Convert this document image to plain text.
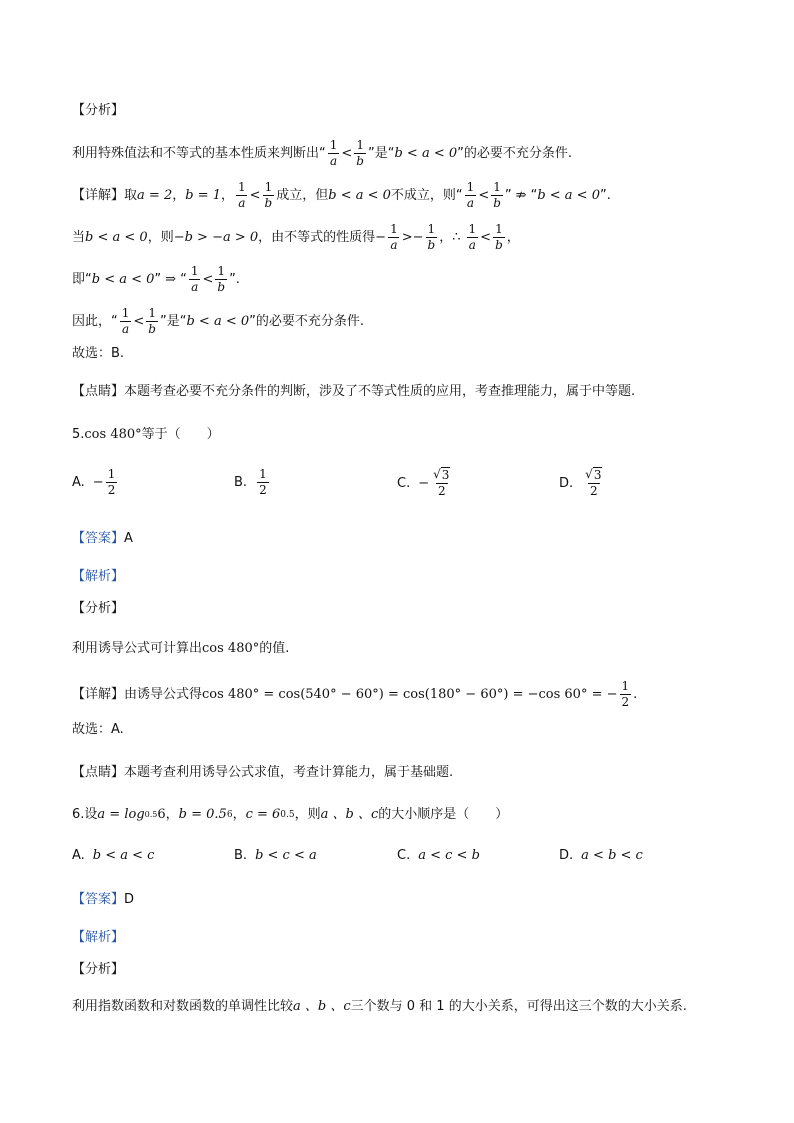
【分析】
利用特殊值法和不等式的基本性质来判断出“ $\frac{1}{a} < \frac{1}{b}$ ”是“ b < a < 0 ”的必要不充分条件.
【详解】 取 a = 2 ， b = 1 ， $\frac{1}{a} < \frac{1}{b}$ 成立，但 b < a < 0 不成立，则“ $\frac{1}{a} < \frac{1}{b}$ ” ⇏ “ b < a < 0 ”.
当 b < a < 0 ，则 −b > −a > 0 ，由不等式的性质得 − $\frac{1}{a}$ > − $\frac{1}{b}$ ， ∴ $\frac{1}{a} < \frac{1}{b}$ ，
即“ b < a < 0 ” ⇒ “ $\frac{1}{a} < \frac{1}{b}$ ”.
因此，“ $\frac{1}{a} < \frac{1}{b}$ ”是“ b < a < 0 ”的必要不充分条件.
故选：B.
【点睛】 本题考查必要不充分条件的判断，涉及了不等式性质的应用，考查推理能力，属于中等题.
5. cos 480° 等于（　　）
A. − $\frac{1}{2}$	B. $\frac{1}{2}$	C. − $\frac{√ 3}{2}$	D. $\frac{√ 3}{2}$
【答案】 A
【解析】
【分析】
利用诱导公式可计算出 cos 480° 的值.
【详解】 由诱导公式得 cos 480° = cos(540° − 60°) = cos(180° − 60°) = −cos 60° = − $\frac{1}{2}$ .
故选：A.
【点睛】 本题考查利用诱导公式求值，考查计算能力，属于基础题.
6. 设 a = log 0.5 6 ， b = 0.5 6 ， c = 6 0.5 ，则 a 、b 、c 的大小顺序是（　　）
A. b < a < c	B. b < c < a	C. a < c < b	D. a < b < c
【答案】 D
【解析】
【分析】
利用指数函数和对数函数的单调性比较 a 、b 、c 三个数与 0 和 1 的大小关系，可得出这三个数的大小关系.
